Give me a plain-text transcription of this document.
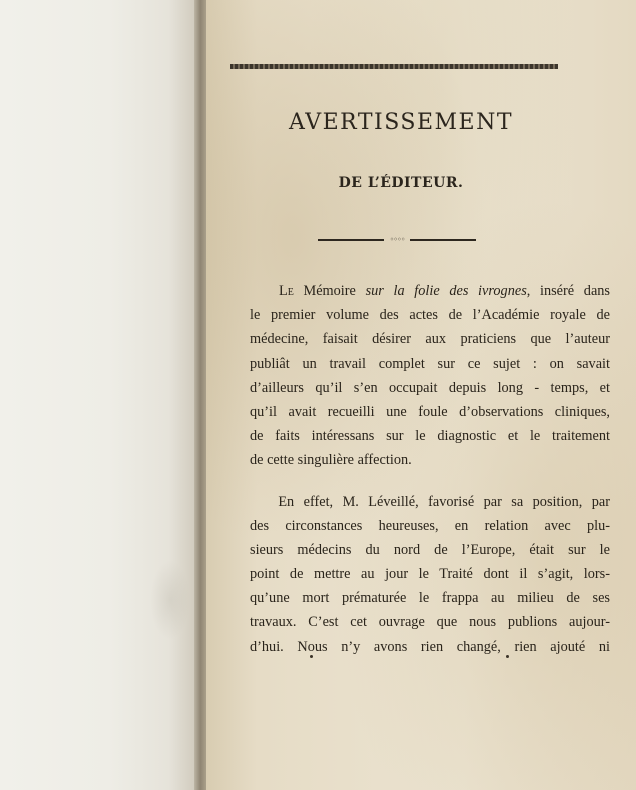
AVERTISSEMENT
DE L’ÉDITEUR.
◦◦◦◦
Le Mémoire sur la folie des ivrognes, inséré dans
le premier volume des actes de l’Académie royale de
médecine, faisait désirer aux praticiens que l’auteur
publiât un travail complet sur ce sujet : on savait
d’ailleurs qu’il s’en occupait depuis long - temps, et
qu’il avait recueilli une foule d’observations cliniques,
de faits intéressans sur le diagnostic et le traitement
de cette singulière affection.
En effet, M. Léveillé, favorisé par sa position, par
des circonstances heureuses, en relation avec plu-
sieurs médecins du nord de l’Europe, était sur le
point de mettre au jour le Traité dont il s’agit, lors-
qu’une mort prématurée le frappa au milieu de ses
travaux. C’est cet ouvrage que nous publions aujour-
d’hui. Nous n’y avons rien changé, rien ajouté ni
